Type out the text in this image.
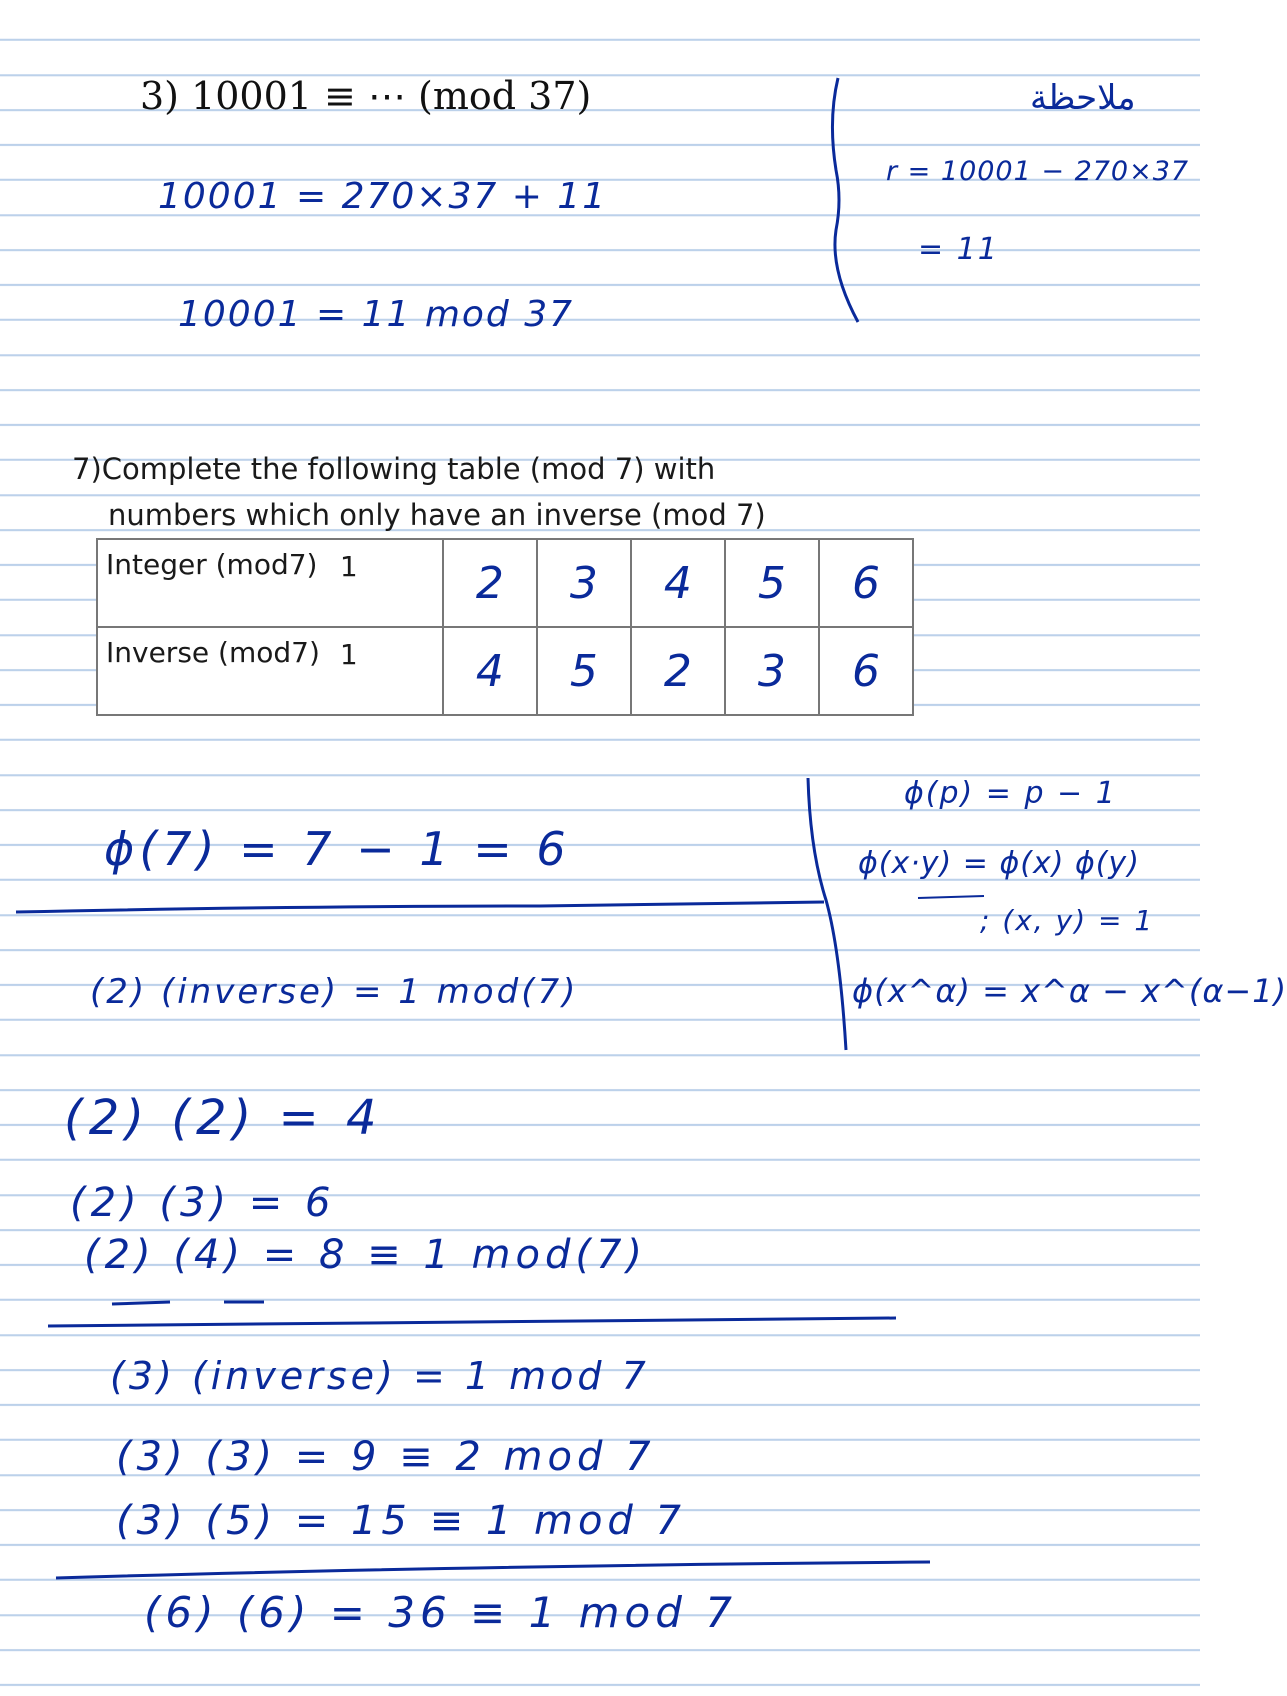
3) 10001 ≡ ⋯ (mod 37)
10001 = 270×37 + 11
10001 = 11 mod 37
ملاحظة
r = 10001 − 270×37
= 11
7)Complete the following table (mod 7) with
numbers which only have an inverse (mod 7)
Integer (mod7)	1	2	3	4	5	6
Inverse (mod7)	1	4	5	2	3	6
ϕ(7) = 7 − 1 = 6
ϕ(p) = p − 1
ϕ(x·y) = ϕ(x) ϕ(y)
; (x, y) = 1
ϕ(x^α) = x^α − x^(α−1)
(2) (inverse) = 1 mod(7)
(2) (2) = 4
(2) (3) = 6
(2) (4) = 8 ≡ 1 mod(7)
(3) (inverse) = 1 mod 7
(3) (3) = 9 ≡ 2 mod 7
(3) (5) = 15 ≡ 1 mod 7
(6) (6) = 36 ≡ 1 mod 7
